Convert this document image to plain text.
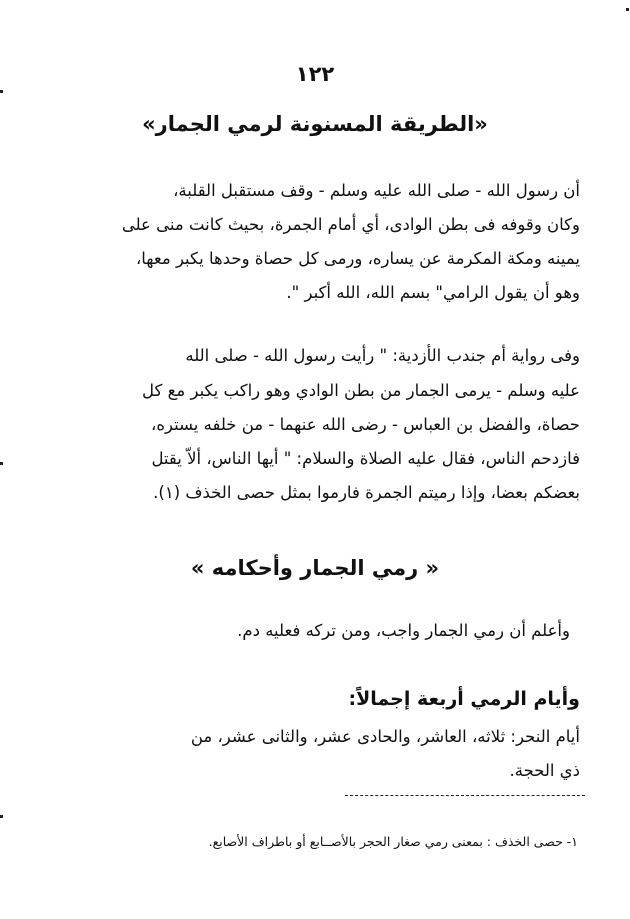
١٢٢
«الطريقة المسنونة لرمي الجمار»
أن رسول الله - صلى الله عليه وسلم - وقف مستقبل القلبة،
وكان وقوفه فى بطن الوادى، أي أمام الجمرة، بحيث كانت منى على
يمينه ومكة المكرمة عن يساره، ورمى كل حصاة وحدها يكبر معها،
وهو أن يقول الرامي" بسم الله، الله أكبر ".
وفى رواية أم جندب الأزدية: " رأيت رسول الله - صلى الله
عليه وسلم - يرمى الجمار من بطن الوادي وهو راكب يكبر مع كل
حصاة، والفضل بن العباس - رضى الله عنهما - من خلفه يستره،
فازدحم الناس، فقال عليه الصلاة والسلام: " أيها الناس، ألاّ يقتل
بعضكم بعضا، وإذا رميتم الجمرة فارموا بمثل حصى الخذف (١).
« رمي الجمار وأحكامه »
وأعلم أن رمي الجمار واجب، ومن تركه فعليه دم.
وأيام الرمي أربعة إجمالاً:
أيام النحر: ثلاثه، العاشر، والحادى عشر، والثانى عشر، من
ذي الحجة.
١- حصى الخذف : بمعنى رمي صغار الحجر بالأصــابع أو باطراف الأصابع.
